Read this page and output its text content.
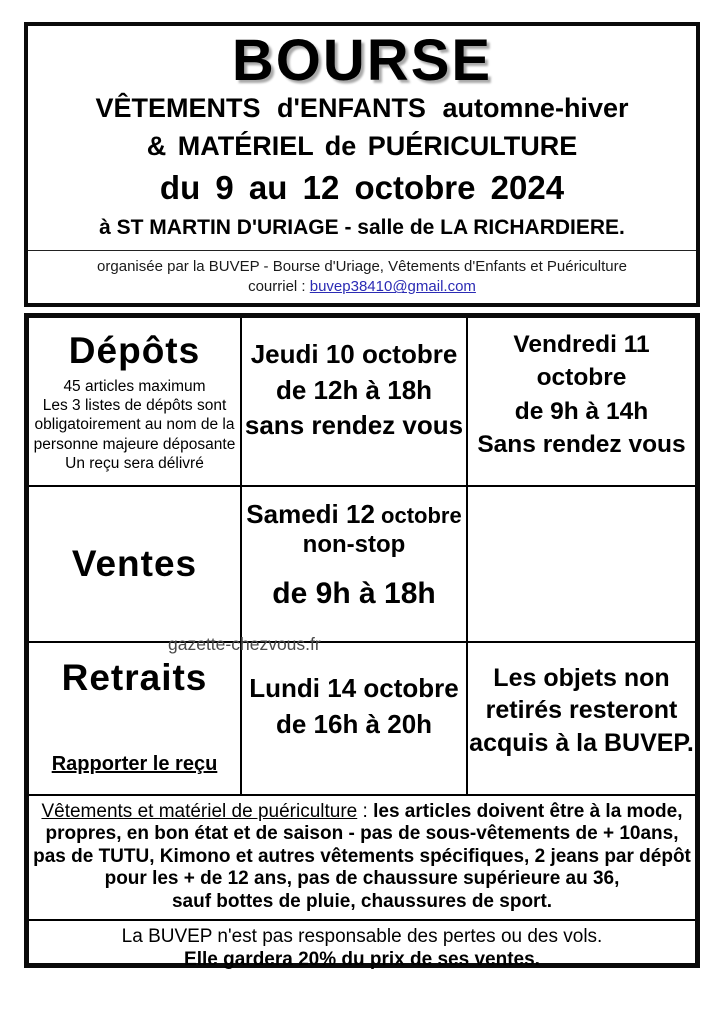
BOURSE
VÊTEMENTS d'ENFANTS automne-hiver
& MATÉRIEL de PUÉRICULTURE
du 9 au 12 octobre 2024
à ST MARTIN D'URIAGE - salle de LA RICHARDIERE.
organisée par la BUVEP - Bourse d'Uriage, Vêtements d'Enfants et Puériculture
courriel : buvep38410@gmail.com
Dépôts
45 articles maximum
Les 3 listes de dépôts sont
obligatoirement au nom de la
personne majeure déposante
Un reçu sera délivré
Jeudi 10 octobre
de 12h à 18h
sans rendez vous
Vendredi 11 octobre
de 9h à 14h
Sans rendez vous
Ventes
Samedi 12 octobre
non-stop
de 9h à 18h
Retraits
Rapporter le reçu
Lundi 14 octobre
de 16h à 20h
Les objets non
retirés resteront
acquis à la BUVEP.
Vêtements et matériel de puériculture : les articles doivent être à la mode,
propres, en bon état et de saison - pas de sous-vêtements de + 10ans,
pas de TUTU, Kimono et autres vêtements spécifiques, 2 jeans par dépôt
pour les + de 12 ans, pas de chaussure supérieure au 36,
sauf bottes de pluie, chaussures de sport.
La BUVEP n'est pas responsable des pertes ou des vols.
Elle gardera 20% du prix de ses ventes.
gazette-chezvous.fr
